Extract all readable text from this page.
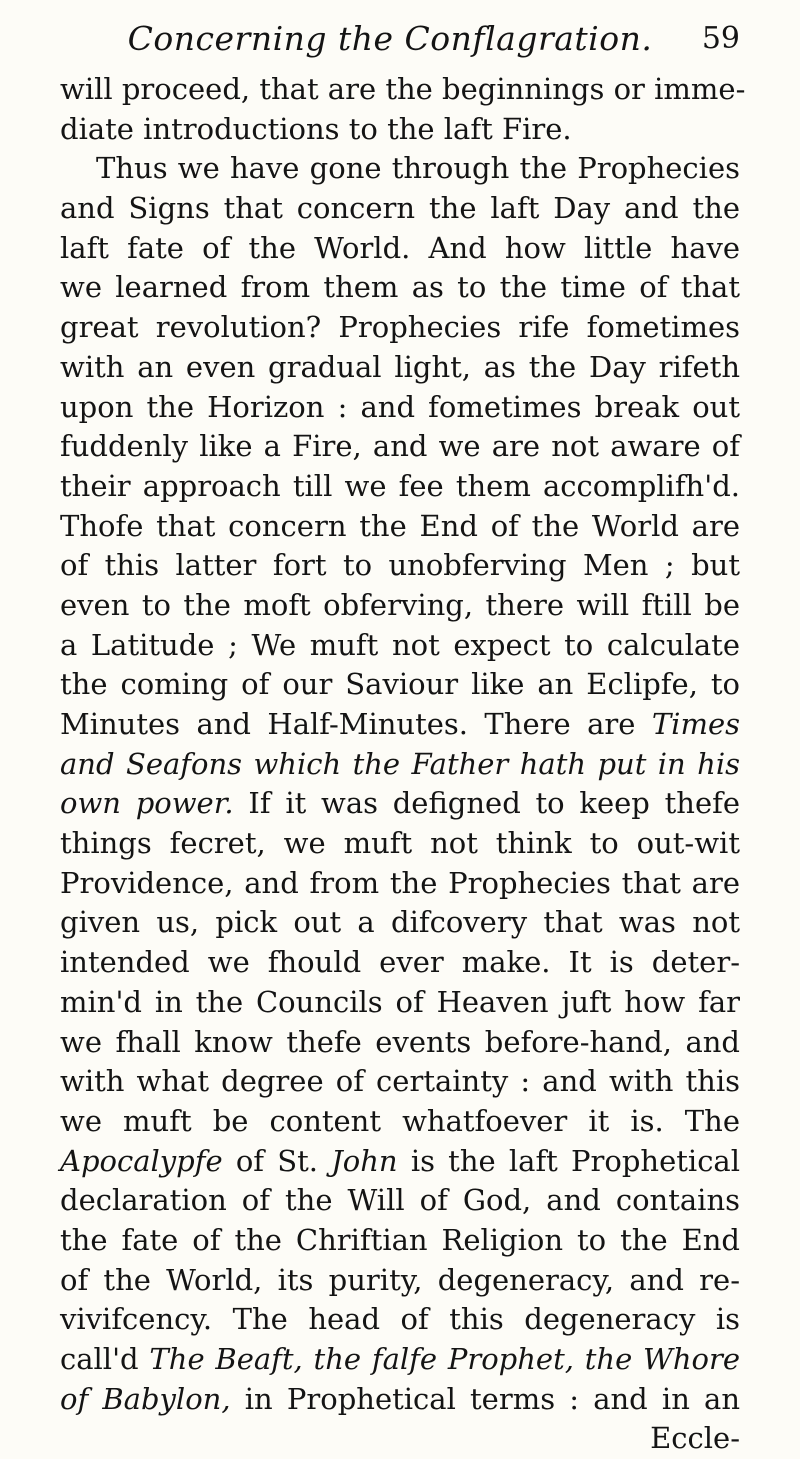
Concerning the Conflagration.	59
will proceed, that are the beginnings or imme-
diate introductions to the laft Fire.
Thus we have gone through the Prophecies
and Signs that concern the laft Day and the
laft fate of the World. And how little have
we learned from them as to the time of that
great revolution? Prophecies rife fometimes
with an even gradual light, as the Day rifeth
upon the Horizon : and fometimes break out
fuddenly like a Fire, and we are not aware of
their approach till we fee them accomplifh'd.
Thofe that concern the End of the World are
of this latter fort to unobferving Men ; but
even to the moft obferving, there will ftill be
a Latitude ; We muft not expect to calculate
the coming of our Saviour like an Eclipfe, to
Minutes and Half-Minutes. There are Times
and Seafons which the Father hath put in his
own power. If it was defigned to keep thefe
things fecret, we muft not think to out-wit
Providence, and from the Prophecies that are
given us, pick out a difcovery that was not
intended we fhould ever make. It is deter-
min'd in the Councils of Heaven juft how far
we fhall know thefe events before-hand, and
with what degree of certainty : and with this
we muft be content whatfoever it is. The
Apocalypfe of St. John is the laft Prophetical
declaration of the Will of God, and contains
the fate of the Chriftian Religion to the End
of the World, its purity, degeneracy, and re-
vivifcency. The head of this degeneracy is
call'd The Beaft, the falfe Prophet, the Whore
of Babylon, in Prophetical terms : and in an
Eccle-
